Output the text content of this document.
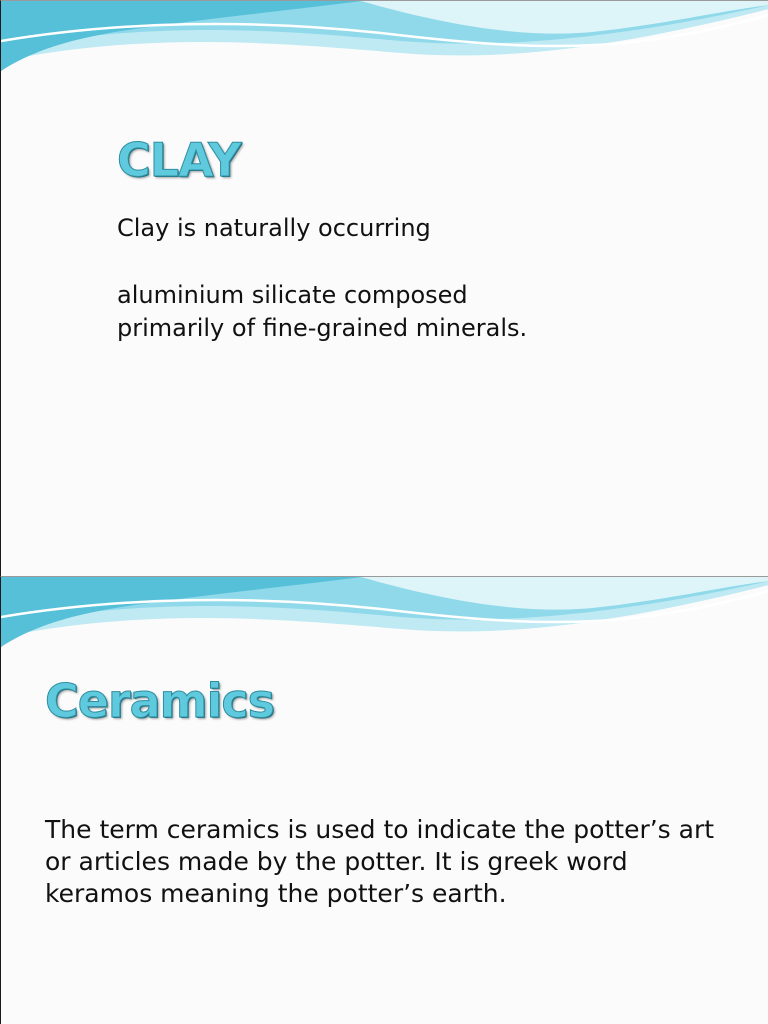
CLAY

Clay is naturally occurring

aluminium silicate composed

primarily of fine-grained minerals.

Ceramics

The term ceramics is used to indicate the potter’s art or articles made by the potter. It is greek word keramos meaning the potter’s earth.
